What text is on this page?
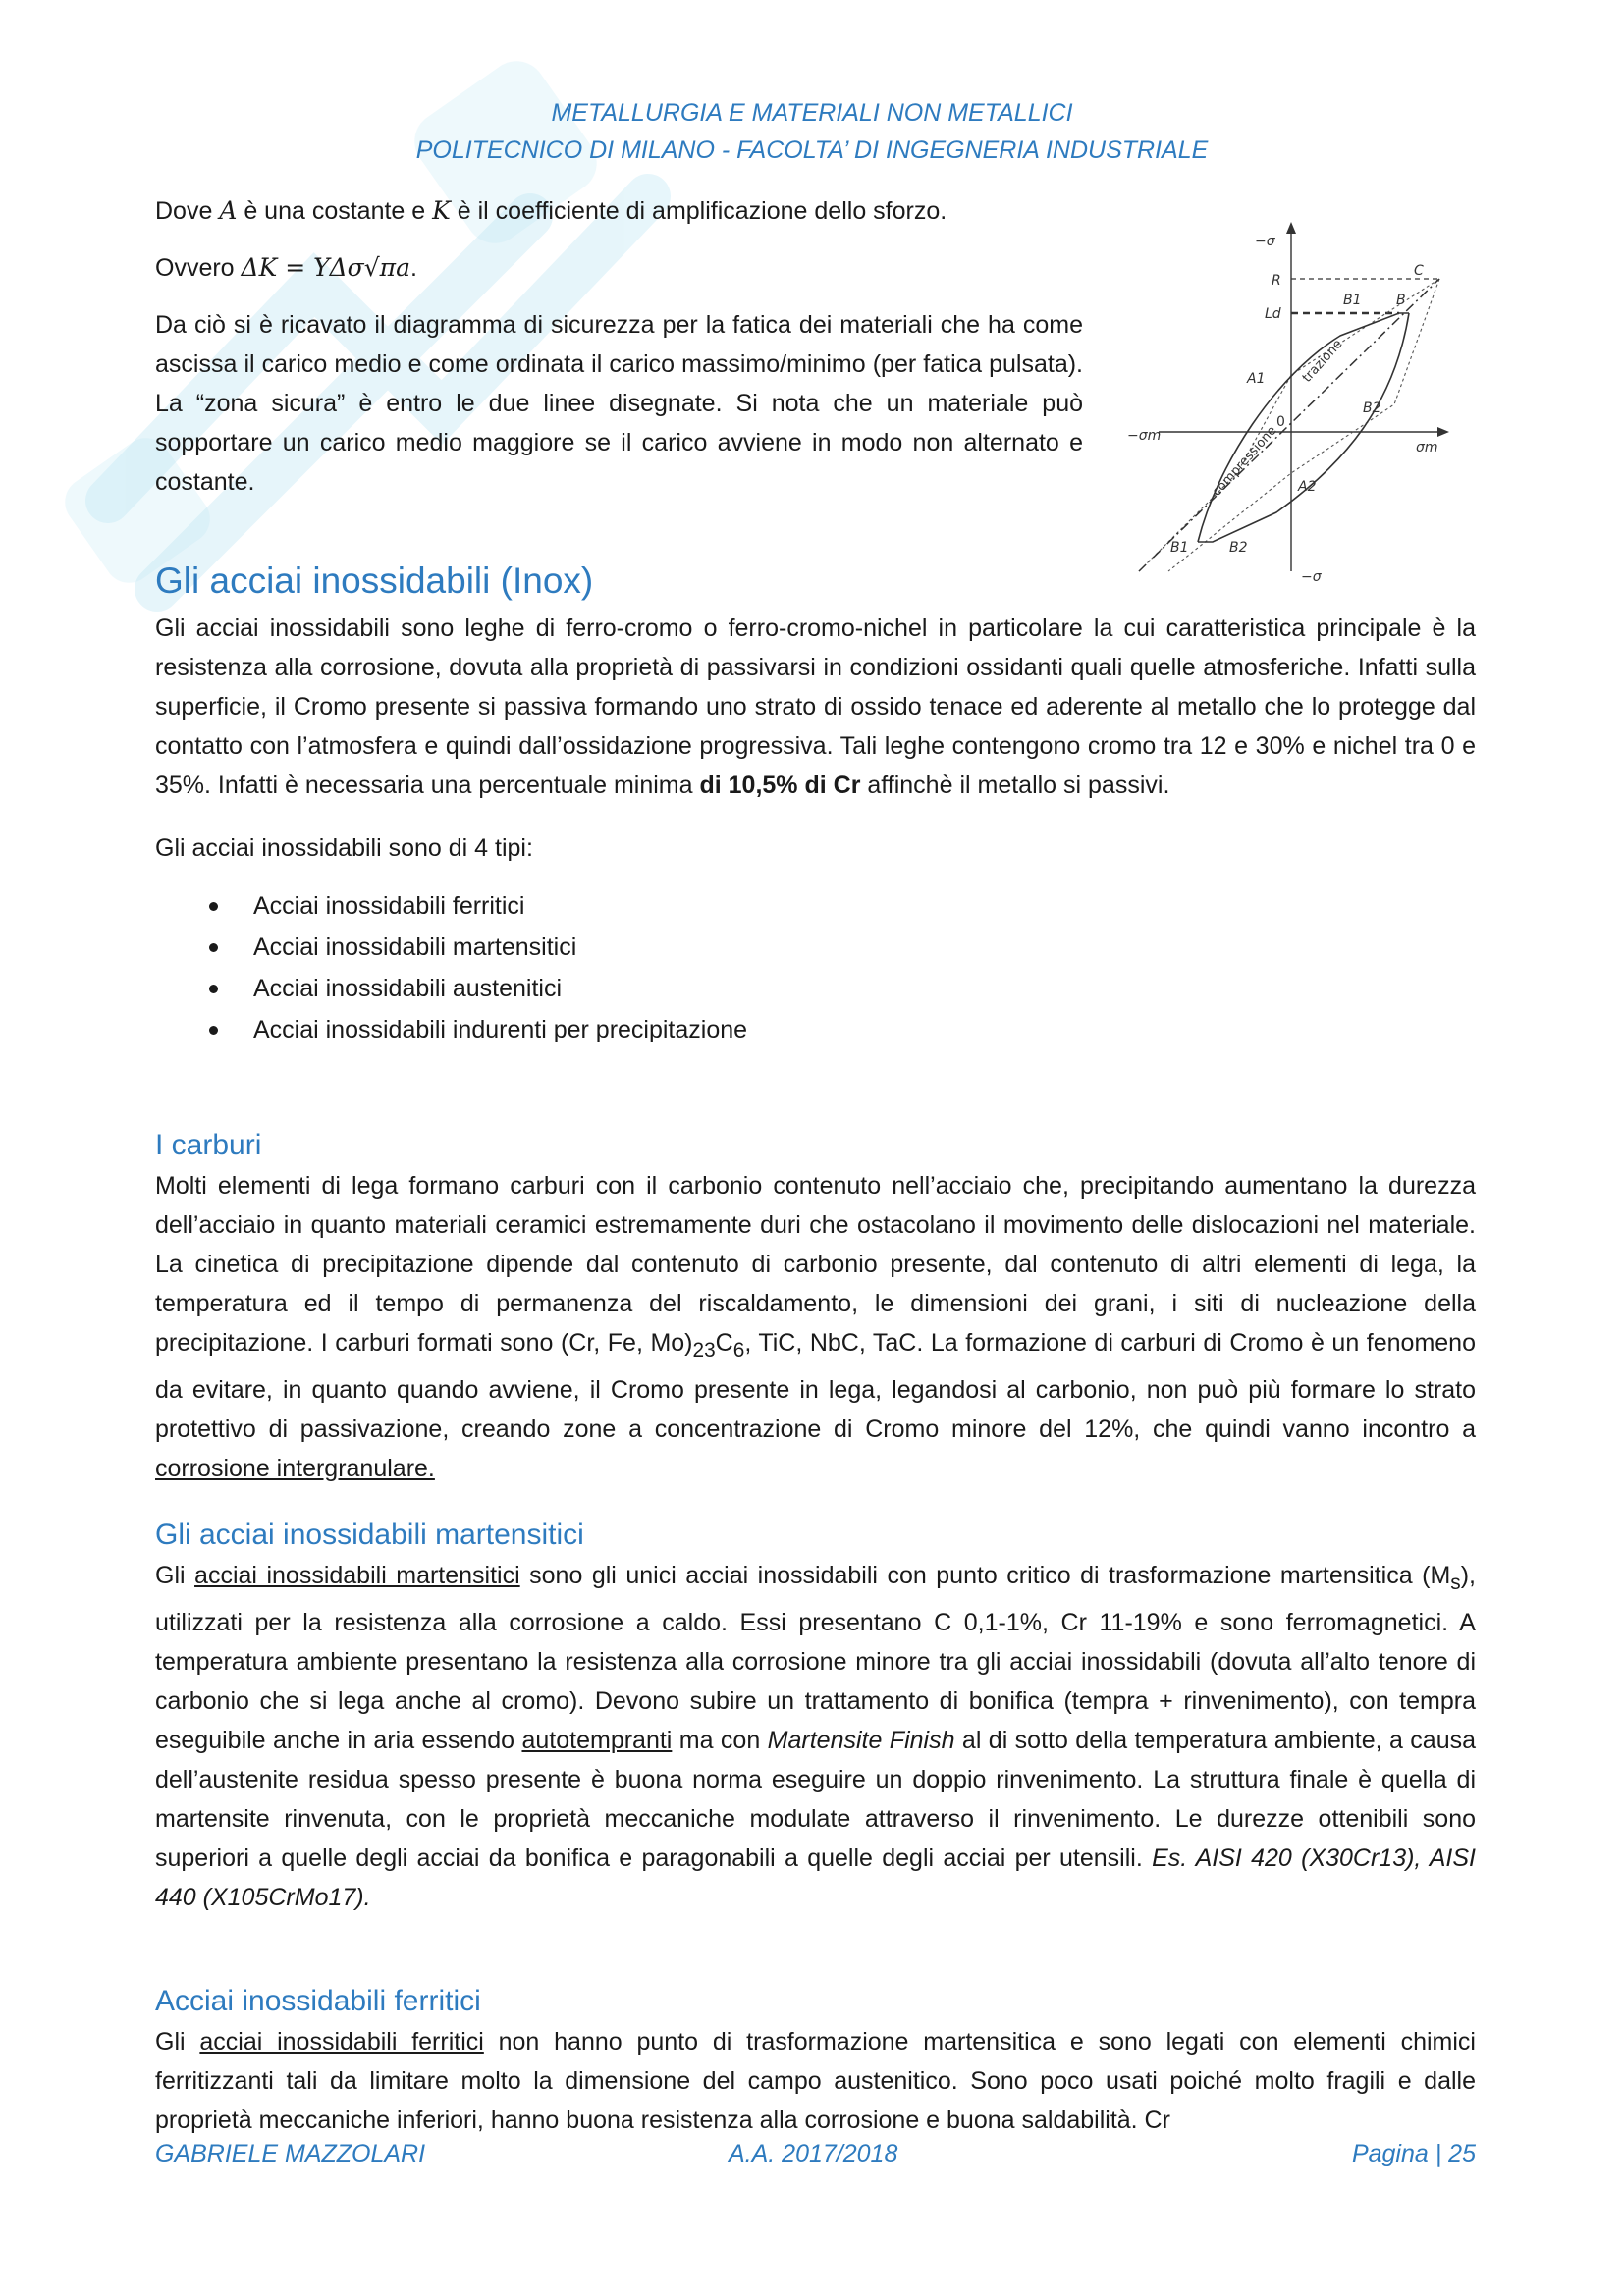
METALLURGIA E MATERIALI NON METALLICI
POLITECNICO DI MILANO - FACOLTA’ DI INGEGNERIA INDUSTRIALE

Dove A è una costante e K è il coefficiente di amplificazione dello sforzo.

Ovvero ΔK = YΔσ√πa.

Da ciò si è ricavato il diagramma di sicurezza per la fatica dei materiali che ha come ascissa il carico medio e come ordinata il carico massimo/minimo (per fatica pulsata). La “zona sicura” è entro le due linee disegnate. Si nota che un materiale può sopportare un carico medio maggiore se il carico avviene in modo non alternato e costante.

−σ
−σ
−σm
σm
0
R
Ld
C
B
B1
A1
B2
A2
B1	B2
trazione
compressione
Gli acciai inossidabili (Inox)

Gli acciai inossidabili sono leghe di ferro-cromo o ferro-cromo-nichel in particolare la cui caratteristica principale è la resistenza alla corrosione, dovuta alla proprietà di passivarsi in condizioni ossidanti quali quelle atmosferiche. Infatti sulla superficie, il Cromo presente si passiva formando uno strato di ossido tenace ed aderente al metallo che lo protegge dal contatto con l’atmosfera e quindi dall’ossidazione progressiva. Tali leghe contengono cromo tra 12 e 30% e nichel tra 0 e 35%. Infatti è necessaria una percentuale minima di 10,5% di Cr affinchè il metallo si passivi.

Gli acciai inossidabili sono di 4 tipi:

Acciai inossidabili ferritici
Acciai inossidabili martensitici
Acciai inossidabili austenitici
Acciai inossidabili indurenti per precipitazione
I carburi

Molti elementi di lega formano carburi con il carbonio contenuto nell’acciaio che, precipitando aumentano la durezza dell’acciaio in quanto materiali ceramici estremamente duri che ostacolano il movimento delle dislocazioni nel materiale. La cinetica di precipitazione dipende dal contenuto di carbonio presente, dal contenuto di altri elementi di lega, la temperatura ed il tempo di permanenza del riscaldamento, le dimensioni dei grani, i siti di nucleazione della precipitazione. I carburi formati sono (Cr, Fe, $Mo)_{23}C_6$, TiC, NbC, TaC. La formazione di carburi di Cromo è un fenomeno da evitare, in quanto quando avviene, il Cromo presente in lega, legandosi al carbonio, non può più formare lo strato protettivo di passivazione, creando zone a concentrazione di Cromo minore del 12%, che quindi vanno incontro a corrosione intergranulare.

Gli acciai inossidabili martensitici

Gli acciai inossidabili martensitici sono gli unici acciai inossidabili con punto critico di trasformazione martensitica $(M_s)$, utilizzati per la resistenza alla corrosione a caldo. Essi presentano C 0,1-1%, Cr 11-19% e sono ferromagnetici. A temperatura ambiente presentano la resistenza alla corrosione minore tra gli acciai inossidabili (dovuta all’alto tenore di carbonio che si lega anche al cromo). Devono subire un trattamento di bonifica (tempra + rinvenimento), con tempra eseguibile anche in aria essendo autotempranti ma con Martensite Finish al di sotto della temperatura ambiente, a causa dell’austenite residua spesso presente è buona norma eseguire un doppio rinvenimento. La struttura finale è quella di martensite rinvenuta, con le proprietà meccaniche modulate attraverso il rinvenimento. Le durezze ottenibili sono superiori a quelle degli acciai da bonifica e paragonabili a quelle degli acciai per utensili. Es. AISI 420 (X30Cr13), AISI 440 (X105CrMo17).

Acciai inossidabili ferritici

Gli acciai inossidabili ferritici non hanno punto di trasformazione martensitica e sono legati con elementi chimici ferritizzanti tali da limitare molto la dimensione del campo austenitico. Sono poco usati poiché molto fragili e dalle proprietà meccaniche inferiori, hanno buona resistenza alla corrosione e buona saldabilità. Cr

GABRIELE MAZZOLARI	A.A. 2017/2018	Pagina | 25
